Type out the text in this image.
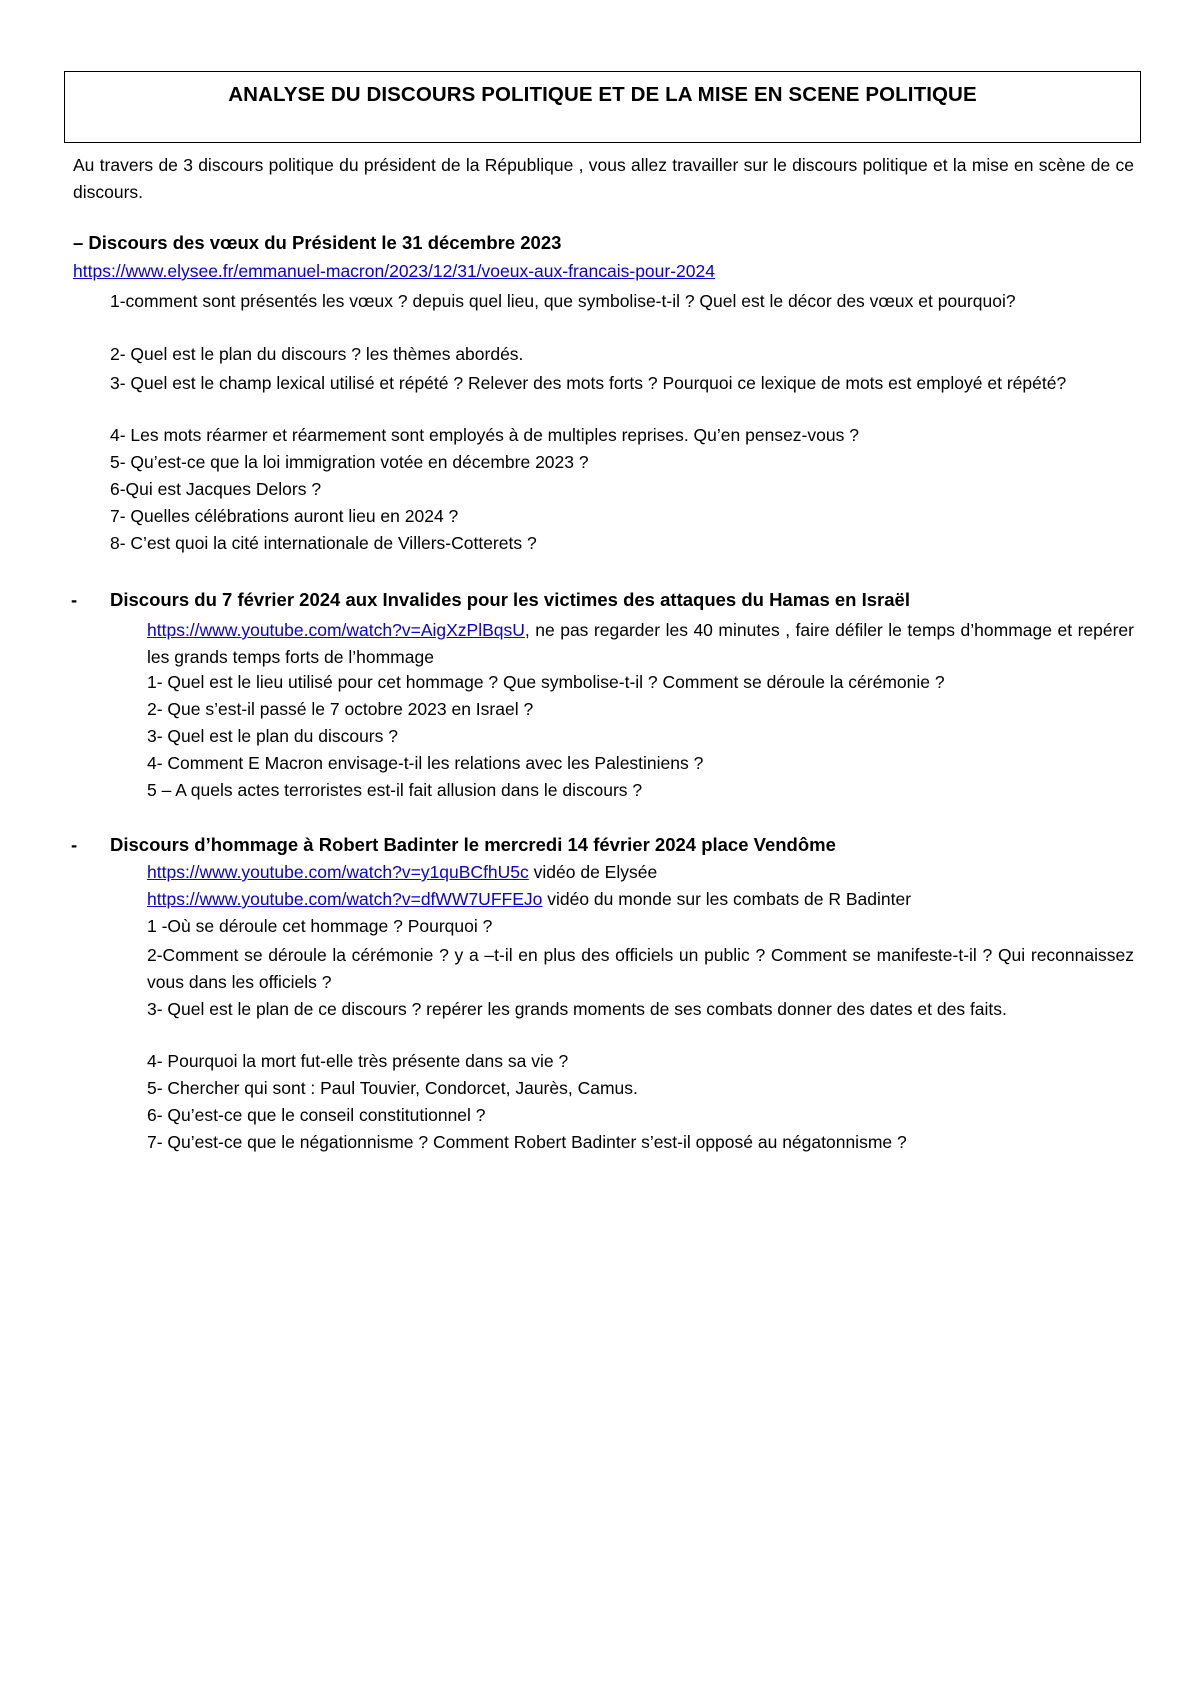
ANALYSE DU DISCOURS POLITIQUE ET DE LA MISE EN SCENE POLITIQUE
Au travers de 3 discours politique du président de la République , vous allez travailler sur le discours politique et la mise en scène de ce discours.
– Discours des vœux du Président le 31 décembre 2023
https://www.elysee.fr/emmanuel-macron/2023/12/31/voeux-aux-francais-pour-2024
1-comment sont présentés les vœux ? depuis quel lieu, que symbolise-t-il ? Quel est le décor des vœux et pourquoi?
2- Quel est le plan du discours ? les thèmes abordés.
3- Quel est le champ lexical utilisé et répété ? Relever des mots forts ? Pourquoi ce lexique de mots est employé et répété?
4- Les mots réarmer et réarmement sont employés à de multiples reprises. Qu’en pensez-vous ?
5- Qu’est-ce que la loi immigration votée en décembre 2023 ?
6-Qui est Jacques Delors ?
7- Quelles célébrations auront lieu en 2024 ?
8- C’est quoi la cité internationale de Villers-Cotterets ?
- Discours du 7 février 2024 aux Invalides pour les victimes des attaques du Hamas en Israël
https://www.youtube.com/watch?v=AigXzPlBqsU, ne pas regarder les 40 minutes , faire défiler le temps d’hommage et repérer les grands temps forts de l’hommage
1- Quel est le lieu utilisé pour cet hommage ? Que symbolise-t-il ? Comment se déroule la cérémonie ?
2- Que s’est-il passé le 7 octobre 2023 en Israel ?
3- Quel est le plan du discours ?
4- Comment E Macron envisage-t-il les relations avec les Palestiniens ?
5 – A quels actes terroristes est-il fait allusion dans le discours ?
- Discours d’hommage à Robert Badinter le mercredi 14 février 2024 place Vendôme
https://www.youtube.com/watch?v=y1quBCfhU5c vidéo de Elysée
https://www.youtube.com/watch?v=dfWW7UFFEJo vidéo du monde sur les combats de R Badinter
1 -Où se déroule cet hommage ? Pourquoi ?
2-Comment se déroule la cérémonie ? y a –t-il en plus des officiels un public ? Comment se manifeste-t-il ? Qui reconnaissez vous dans les officiels ?
3- Quel est le plan de ce discours ? repérer les grands moments de ses combats donner des dates et des faits.
4- Pourquoi la mort fut-elle très présente dans sa vie ?
5- Chercher qui sont : Paul Touvier, Condorcet, Jaurès, Camus.
6- Qu’est-ce que le conseil constitutionnel ?
7- Qu’est-ce que le négationnisme ? Comment Robert Badinter s’est-il opposé au négatonnisme ?
